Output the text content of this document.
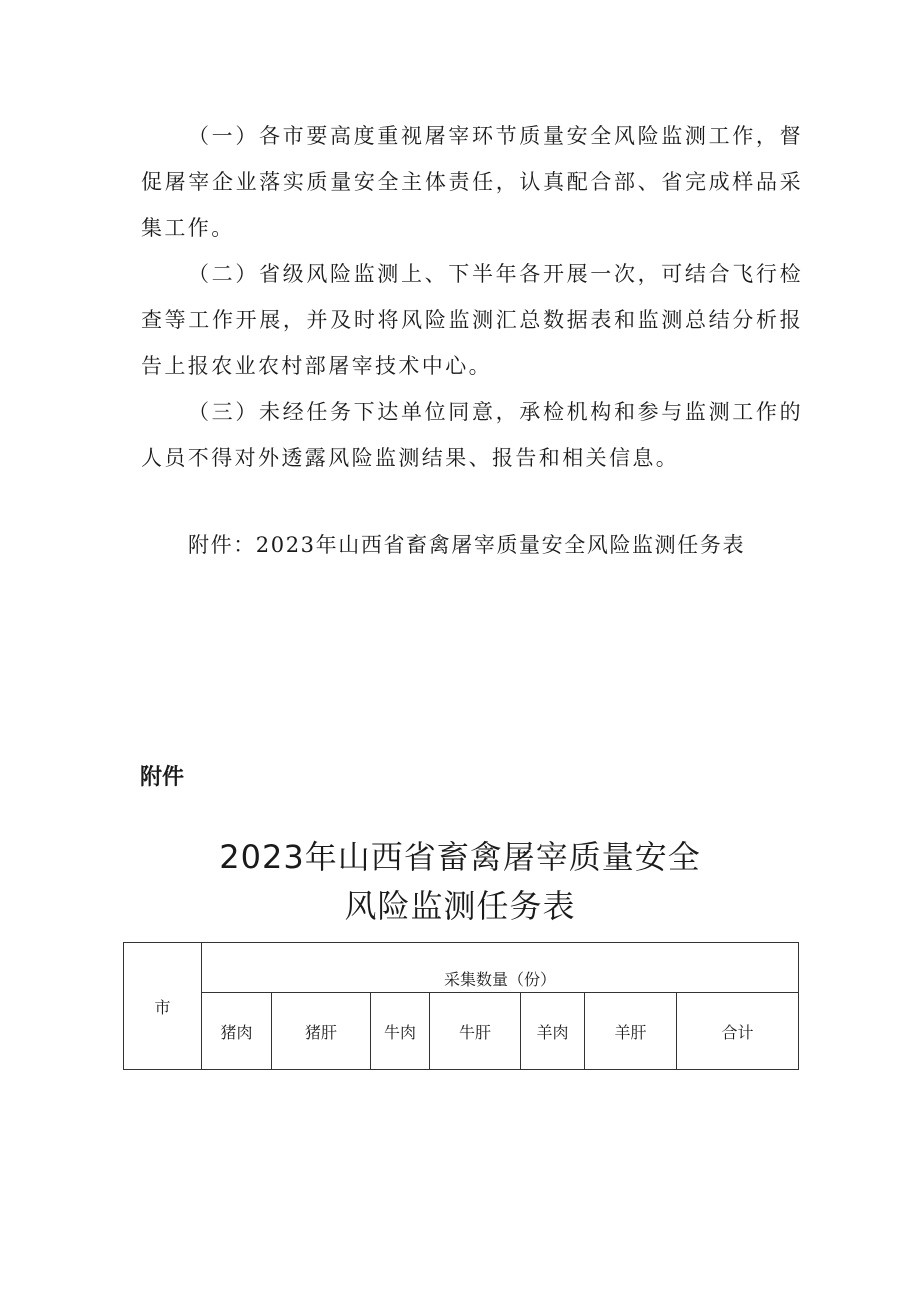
（一）各市要高度重视屠宰环节质量安全风险监测工作，督促屠宰企业落实质量安全主体责任，认真配合部、省完成样品采集工作。

（二）省级风险监测上、下半年各开展一次，可结合飞行检查等工作开展，并及时将风险监测汇总数据表和监测总结分析报告上报农业农村部屠宰技术中心。

（三）未经任务下达单位同意，承检机构和参与监测工作的人员不得对外透露风险监测结果、报告和相关信息。

附件：2023年山西省畜禽屠宰质量安全风险监测任务表
附件
2023年山西省畜禽屠宰质量安全
风险监测任务表
市	采集数量（份）						
	猪肉	猪肝	牛肉	牛肝	羊肉	羊肝	合计
